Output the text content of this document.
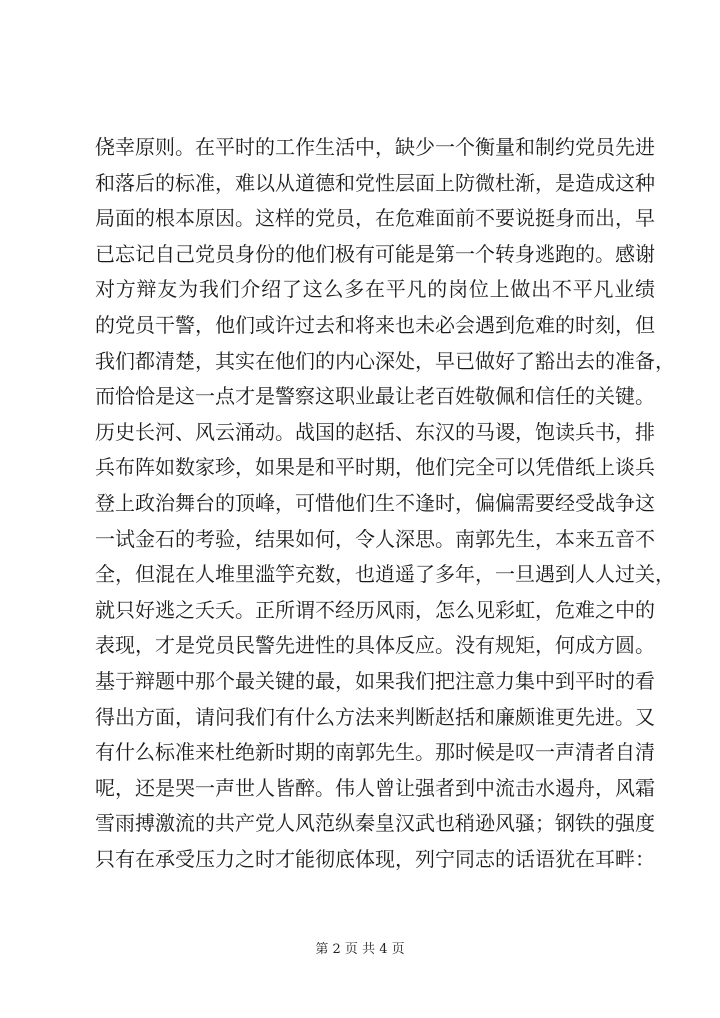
侥幸原则。在平时的工作生活中，缺少一个衡量和制约党员先进
和落后的标准，难以从道德和党性层面上防微杜渐，是造成这种
局面的根本原因。这样的党员，在危难面前不要说挺身而出，早
已忘记自己党员身份的他们极有可能是第一个转身逃跑的。感谢
对方辩友为我们介绍了这么多在平凡的岗位上做出不平凡业绩
的党员干警，他们或许过去和将来也未必会遇到危难的时刻，但
我们都清楚，其实在他们的内心深处，早已做好了豁出去的准备，
而恰恰是这一点才是警察这职业最让老百姓敬佩和信任的关键。
历史长河、风云涌动。战国的赵括、东汉的马谡，饱读兵书，排
兵布阵如数家珍，如果是和平时期，他们完全可以凭借纸上谈兵
登上政治舞台的顶峰，可惜他们生不逢时，偏偏需要经受战争这
一试金石的考验，结果如何，令人深思。南郭先生，本来五音不
全，但混在人堆里滥竽充数，也逍遥了多年，一旦遇到人人过关，
就只好逃之夭夭。正所谓不经历风雨，怎么见彩虹，危难之中的
表现，才是党员民警先进性的具体反应。没有规矩，何成方圆。
基于辩题中那个最关键的最，如果我们把注意力集中到平时的看
得出方面，请问我们有什么方法来判断赵括和廉颇谁更先进。又
有什么标准来杜绝新时期的南郭先生。那时候是叹一声清者自清
呢，还是哭一声世人皆醉。伟人曾让强者到中流击水遏舟，风霜
雪雨搏激流的共产党人风范纵秦皇汉武也稍逊风骚；钢铁的强度
只有在承受压力之时才能彻底体现，列宁同志的话语犹在耳畔：
第 2 页 共 4 页
